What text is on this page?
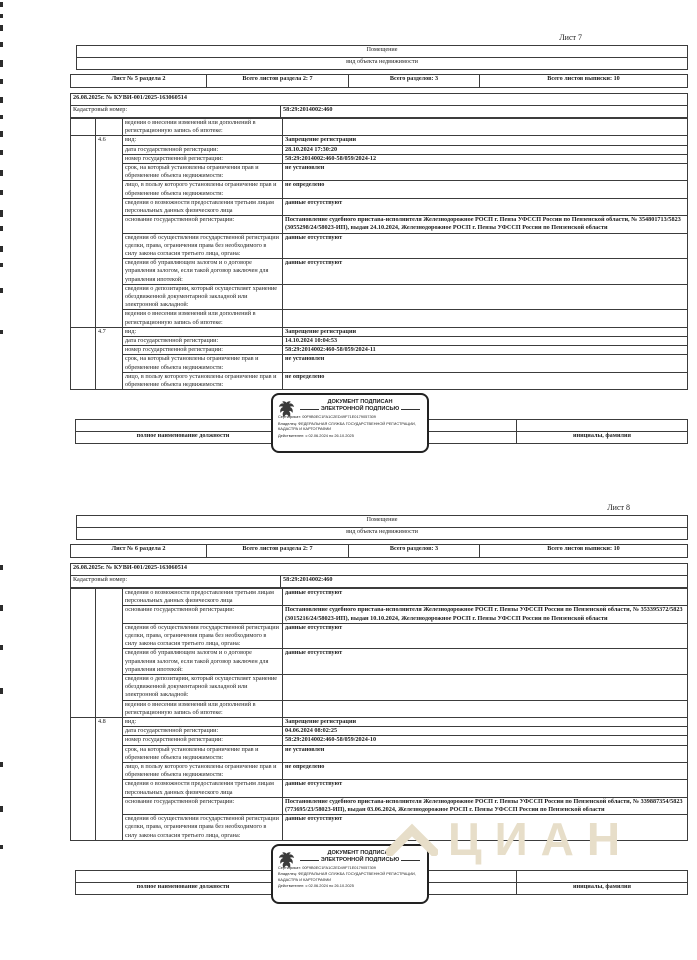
Лист 7
Помещение
вид объекта недвижимости
Лист № 5 раздела 2	Всего листов раздела 2: 7	Всего разделов: 3	Всего листов выписки: 10
26.08.2025г. № КУВИ-001/2025-163060514
Кадастровый номер:	58:29:2014002:460
		ведения о внесении изменений или дополнений в регистрационную запись об ипотеке:	
	4.6	вид:	Запрещение регистрации
		дата государственной регистрации:	28.10.2024 17:30:20
		номер государственной регистрации:	58:29:2014002:460-58/059/2024-12
		срок, на который установлены ограничения прав и обременение объекта недвижимости:	не установлен
		лицо, в пользу которого установлены ограничение прав и обременение объекта недвижимости:	не определено
		сведения о возможности предоставления третьим лицам персональных данных физического лица	данные отсутствуют
		основание государственной регистрации:	Постановление судебного пристава-исполнителя Железнодорожное РОСП г. Пенза УФССП России по Пензенской области, № 354801713/5823 (3055298/24/58023-ИП), выдан 24.10.2024, Железнодорожное РОСП г. Пензы УФССП России по Пензенской области
		сведения об осуществлении государственной регистрации сделки, права, ограничения права без необходимого в силу закона согласия третьего лица, органа:	данные отсутствуют
		сведения об управляющем залогом и о договоре управления залогом, если такой договор заключен для управления ипотекой:	данные отсутствуют
		сведения о депозитарии, который осуществляет хранение обездвиженной документарной закладной или электронной закладной:	
		ведения о внесении изменений или дополнений в регистрационную запись об ипотеке:	
	4.7	вид:	Запрещение регистрации
		дата государственной регистрации:	14.10.2024 10:04:53
		номер государственной регистрации:	58:29:2014002:460-58/059/2024-11
		срок, на который установлены ограничение прав и обременение объекта недвижимости:	не установлен
		лицо, в пользу которого установлены ограничение прав и обременение объекта недвижимости:	не определено

полное наименование должности		инициалы, фамилия
ДОКУМЕНТ ПОДПИСАН
ЭЛЕКТРОННОЙ ПОДПИСЬЮ
Сертификат: 00F9B0EC1FA1C2ED49F71E0179057309
Владелец: ФЕДЕРАЛЬНАЯ СЛУЖБА ГОСУДАРСТВЕННОЙ РЕГИСТРАЦИИ, КАДАСТРА И КАРТОГРАФИИ
Действителен: с 02.06.2024 по 26.10.2025
Лист 8
Помещение
вид объекта недвижимости
Лист № 6 раздела 2	Всего листов раздела 2: 7	Всего разделов: 3	Всего листов выписки: 10
26.08.2025г. № КУВИ-001/2025-163060514
Кадастровый номер:	58:29:2014002:460
		сведения о возможности предоставления третьим лицам персональных данных физического лица	данные отсутствуют
		основание государственной регистрации:	Постановление судебного пристава-исполнителя Железнодорожное РОСП г. Пензы УФССП России по Пензенской области, № 353395372/5823 (3015216/24/58023-ИП), выдан 10.10.2024, Железнодорожное РОСП г. Пензы УФССП России по Пензенской области
		сведения об осуществлении государственной регистрации сделки, права, ограничения права без необходимого в силу закона согласия третьего лица, органа:	данные отсутствуют
		сведения об управляющем залогом и о договоре управления залогом, если такой договор заключен для управления ипотекой:	данные отсутствуют
		сведения о депозитарии, который осуществляет хранение обездвиженной документарной закладной или электронной закладной:	
		ведения о внесении изменений или дополнений в регистрационную запись об ипотеке:	
	4.8	вид:	Запрещение регистрации
		дата государственной регистрации:	04.06.2024 08:02:25
		номер государственной регистрации:	58:29:2014002:460-58/059/2024-10
		срок, на который установлены ограничение прав и обременение объекта недвижимости:	не установлен
		лицо, в пользу которого установлены ограничение прав и обременение объекта недвижимости:	не определено
		сведения о возможности предоставления третьим лицам персональных данных физического лица	данные отсутствуют
		основание государственной регистрации:	Постановление судебного пристава-исполнителя Железнодорожное РОСП г. Пензы УФССП России по Пензенской области, № 339887354/5823 (773695/23/58023-ИП), выдан 03.06.2024, Железнодорожное РОСП г. Пензы УФССП России по Пензенской области
		сведения об осуществлении государственной регистрации сделки, права, ограничения права без необходимого в силу закона согласия третьего лица, органа:	данные отсутствуют

полное наименование должности		инициалы, фамилия
ДОКУМЕНТ ПОДПИСАН
ЭЛЕКТРОННОЙ ПОДПИСЬЮ
Сертификат: 00F9B0EC1FA1C2ED49F71E0179057309
Владелец: ФЕДЕРАЛЬНАЯ СЛУЖБА ГОСУДАРСТВЕННОЙ РЕГИСТРАЦИИ, КАДАСТРА И КАРТОГРАФИИ
Действителен: с 02.06.2024 по 26.10.2025
ЦИАН
